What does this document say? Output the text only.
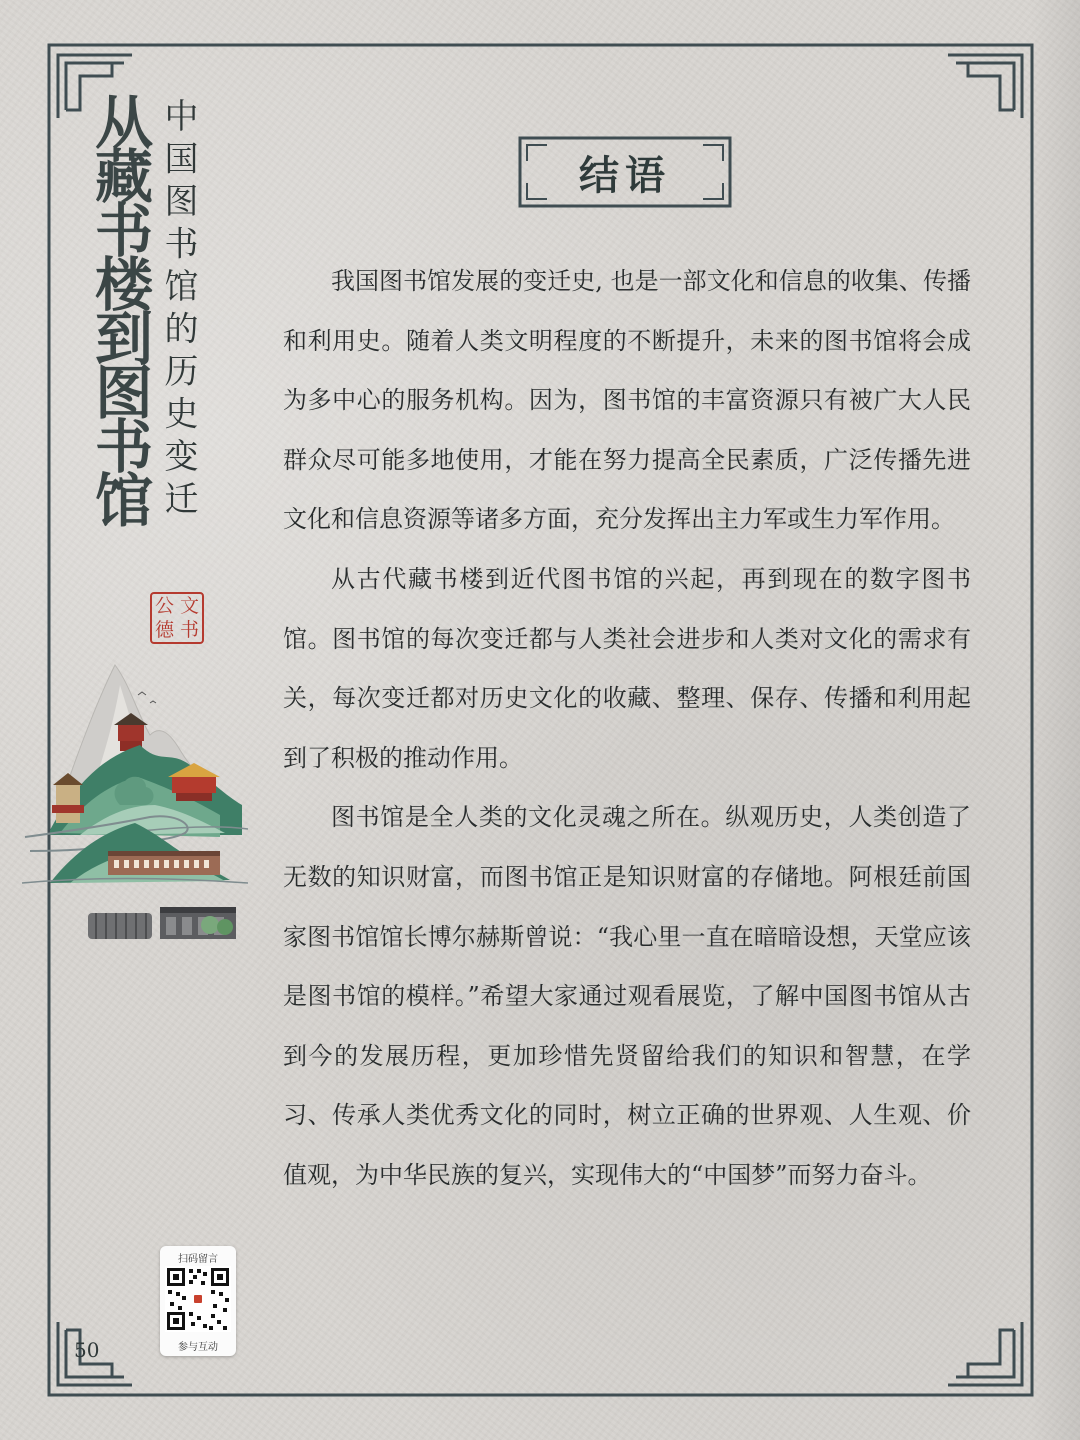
从藏书楼到图书馆 中国图书馆的历史变迁
公 文
德 书
结语

我国图书馆发展的变迁史, 也是一部文化和信息的收集、传播和利用史。随着人类文明程度的不断提升，未来的图书馆将会成为多中心的服务机构。因为，图书馆的丰富资源只有被广大人民群众尽可能多地使用，才能在努力提高全民素质，广泛传播先进文化和信息资源等诸多方面，充分发挥出主力军或生力军作用。

从古代藏书楼到近代图书馆的兴起，再到现在的数字图书馆。图书馆的每次变迁都与人类社会进步和人类对文化的需求有关，每次变迁都对历史文化的收藏、整理、保存、传播和利用起到了积极的推动作用。

图书馆是全人类的文化灵魂之所在。纵观历史，人类创造了无数的知识财富，而图书馆正是知识财富的存储地。阿根廷前国家图书馆馆长博尔赫斯曾说：“我心里一直在暗暗设想，天堂应该是图书馆的模样。”希望大家通过观看展览，了解中国图书馆从古到今的发展历程，更加珍惜先贤留给我们的知识和智慧，在学习、传承人类优秀文化的同时，树立正确的世界观、人生观、价值观，为中华民族的复兴，实现伟大的“中国梦”而努力奋斗。

扫码留言
参与互动
50
